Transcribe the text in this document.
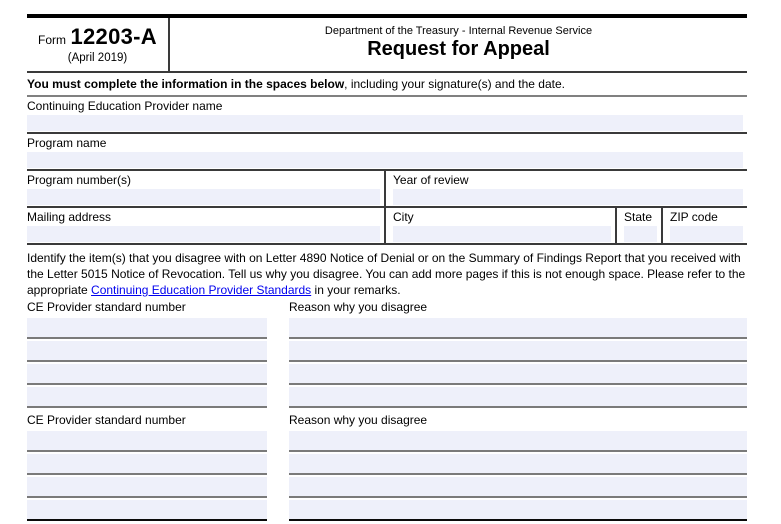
Form 12203-A
(April 2019)
Department of the Treasury - Internal Revenue Service
Request for Appeal
You must complete the information in the spaces below, including your signature(s) and the date.
Continuing Education Provider name
Program name
Program number(s)	Year of review
Mailing address	City	State	ZIP code
Identify the item(s) that you disagree with on Letter 4890 Notice of Denial or on the Summary of Findings Report that you received with the Letter 5015 Notice of Revocation. Tell us why you disagree. You can add more pages if this is not enough space. Please refer to the appropriate Continuing Education Provider Standards in your remarks.
CE Provider standard number	Reason why you disagree
CE Provider standard number	Reason why you disagree
